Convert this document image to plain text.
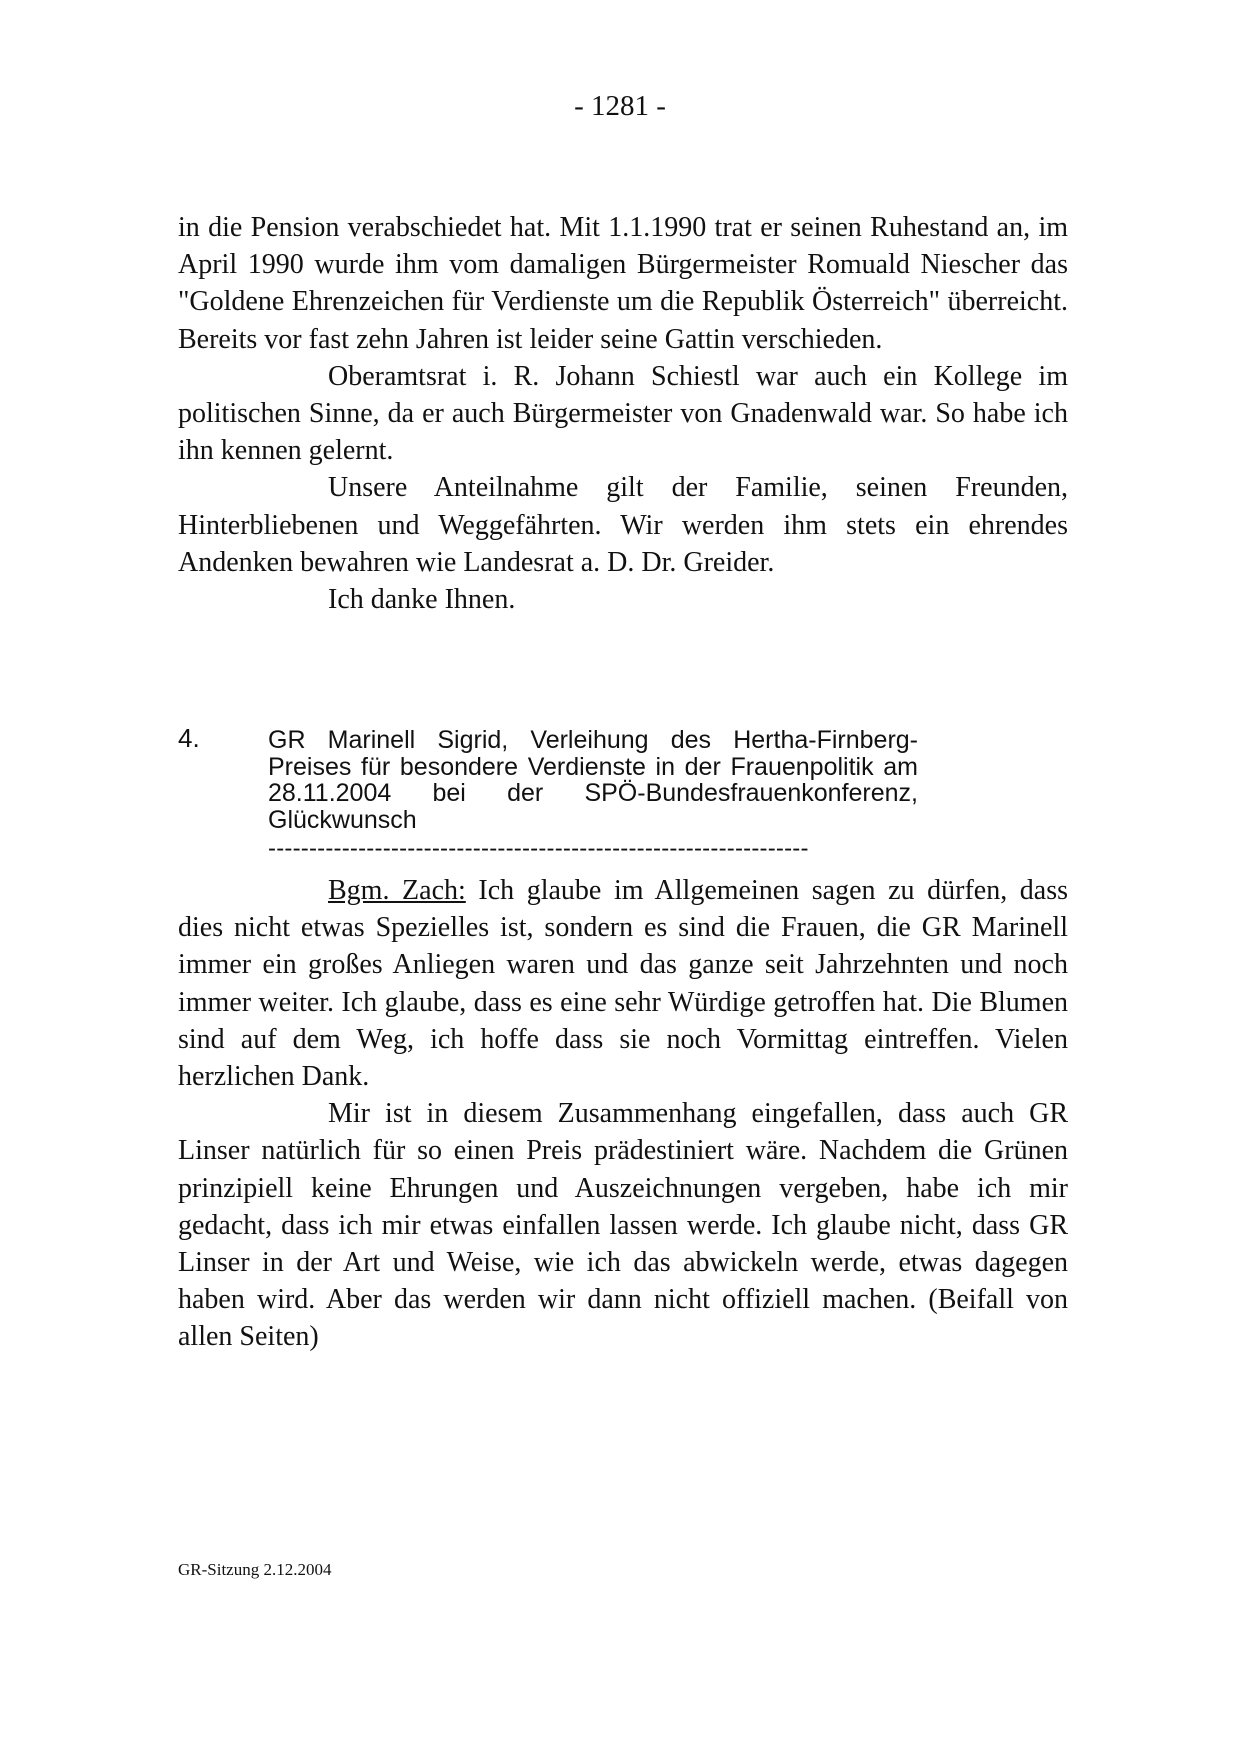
- 1281 -

in die Pension verabschiedet hat. Mit 1.1.1990 trat er seinen Ruhestand an, im April 1990 wurde ihm vom damaligen Bürgermeister Romuald Niescher das "Goldene Ehrenzeichen für Verdienste um die Republik Österreich" überreicht. Bereits vor fast zehn Jahren ist leider seine Gattin verschieden.

Oberamtsrat i. R. Johann Schiestl war auch ein Kollege im politischen Sinne, da er auch Bürgermeister von Gnadenwald war. So habe ich ihn kennen gelernt.

Unsere Anteilnahme gilt der Familie, seinen Freunden, Hinterbliebenen und Weggefährten. Wir werden ihm stets ein ehrendes Andenken bewahren wie Landesrat a. D. Dr. Greider.

Ich danke Ihnen.

4.	GR Marinell Sigrid, Verleihung des Hertha-Firnberg-Preises für besondere Verdienste in der Frauenpolitik am 28.11.2004 bei der SPÖ-Bundesfrauenkonferenz, Glückwunsch

------------------------------------------------------------------

Bgm. Zach: Ich glaube im Allgemeinen sagen zu dürfen, dass dies nicht etwas Spezielles ist, sondern es sind die Frauen, die GR Marinell immer ein großes Anliegen waren und das ganze seit Jahrzehnten und noch immer weiter. Ich glaube, dass es eine sehr Würdige getroffen hat. Die Blumen sind auf dem Weg, ich hoffe dass sie noch Vormittag eintreffen. Vielen herzlichen Dank.

Mir ist in diesem Zusammenhang eingefallen, dass auch GR Linser natürlich für so einen Preis prädestiniert wäre. Nachdem die Grünen prinzipiell keine Ehrungen und Auszeichnungen vergeben, habe ich mir gedacht, dass ich mir etwas einfallen lassen werde. Ich glaube nicht, dass GR Linser in der Art und Weise, wie ich das abwickeln werde, etwas dagegen haben wird. Aber das werden wir dann nicht offiziell machen. (Beifall von allen Seiten)

GR-Sitzung 2.12.2004
